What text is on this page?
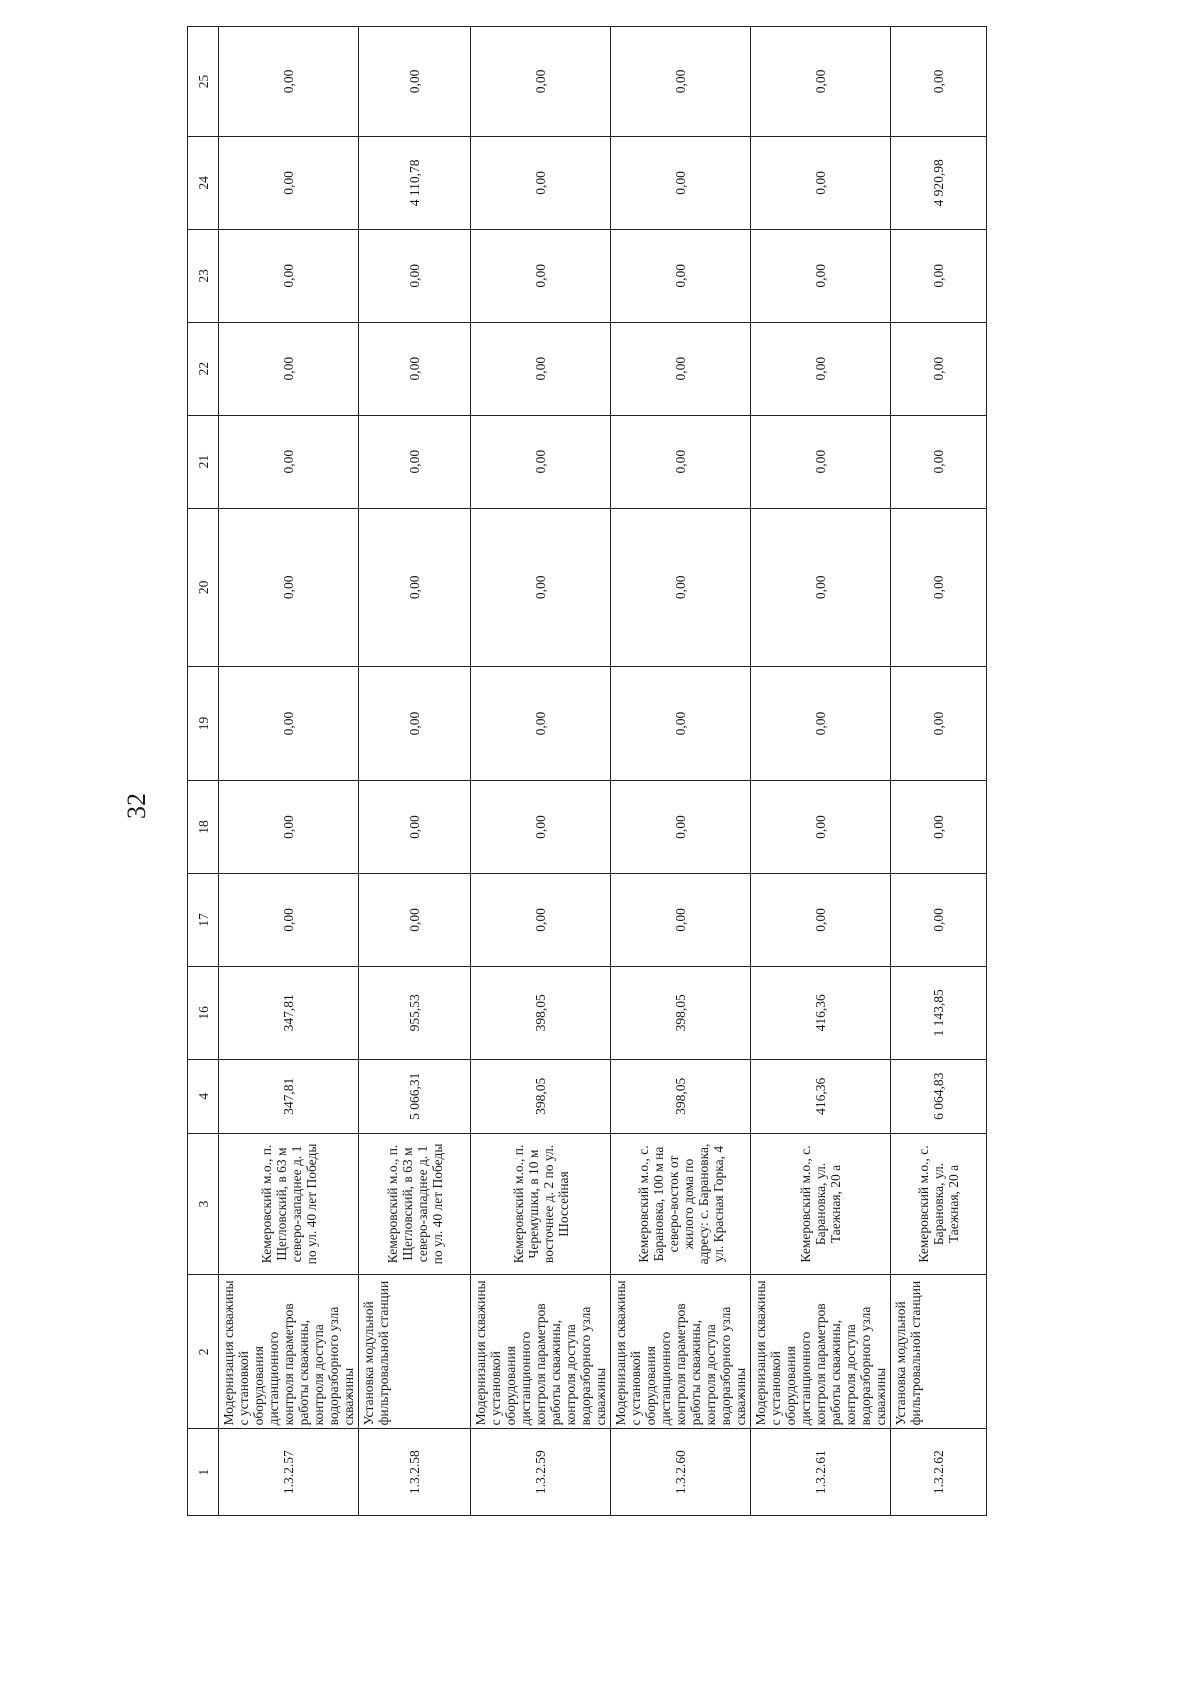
32
1	2	3	4	16	17	18	19	20	21	22	23	24	25
1.3.2.57	Модернизация скважины с установкой оборудования дистанционного контроля параметров работы скважины, контроля доступа водоразборного узла скважины	Кемеровский м.о., п. Щегловский, в 63 м северо-западнее д. 1 по ул. 40 лет Победы	347,81	347,81	0,00	0,00	0,00	0,00	0,00	0,00	0,00	0,00	0,00
1.3.2.58	Установка модульной фильтровальной станции	Кемеровский м.о., п. Щегловский, в 63 м северо-западнее д. 1 по ул. 40 лет Победы	5 066,31	955,53	0,00	0,00	0,00	0,00	0,00	0,00	0,00	4 110,78	0,00
1.3.2.59	Модернизация скважины с установкой оборудования дистанционного контроля параметров работы скважины, контроля доступа водоразборного узла скважины	Кемеровский м.о., п. Черемушки, в 10 м восточнее д. 2 по ул. Шоссейная	398,05	398,05	0,00	0,00	0,00	0,00	0,00	0,00	0,00	0,00	0,00
1.3.2.60	Модернизация скважины с установкой оборудования дистанционного контроля параметров работы скважины, контроля доступа водоразборного узла скважины	Кемеровский м.о., с. Барановка, 100 м на северо-восток от жилого дома по адресу: с. Барановка, ул. Красная Горка, 4	398,05	398,05	0,00	0,00	0,00	0,00	0,00	0,00	0,00	0,00	0,00
1.3.2.61	Модернизация скважины с установкой оборудования дистанционного контроля параметров работы скважины, контроля доступа водоразборного узла скважины	Кемеровский м.о., с. Барановка, ул. Таежная, 20 а	416,36	416,36	0,00	0,00	0,00	0,00	0,00	0,00	0,00	0,00	0,00
1.3.2.62	Установка модульной фильтровальной станции	Кемеровский м.о., с. Барановка, ул. Таежная, 20 а	6 064,83	1 143,85	0,00	0,00	0,00	0,00	0,00	0,00	0,00	4 920,98	0,00
